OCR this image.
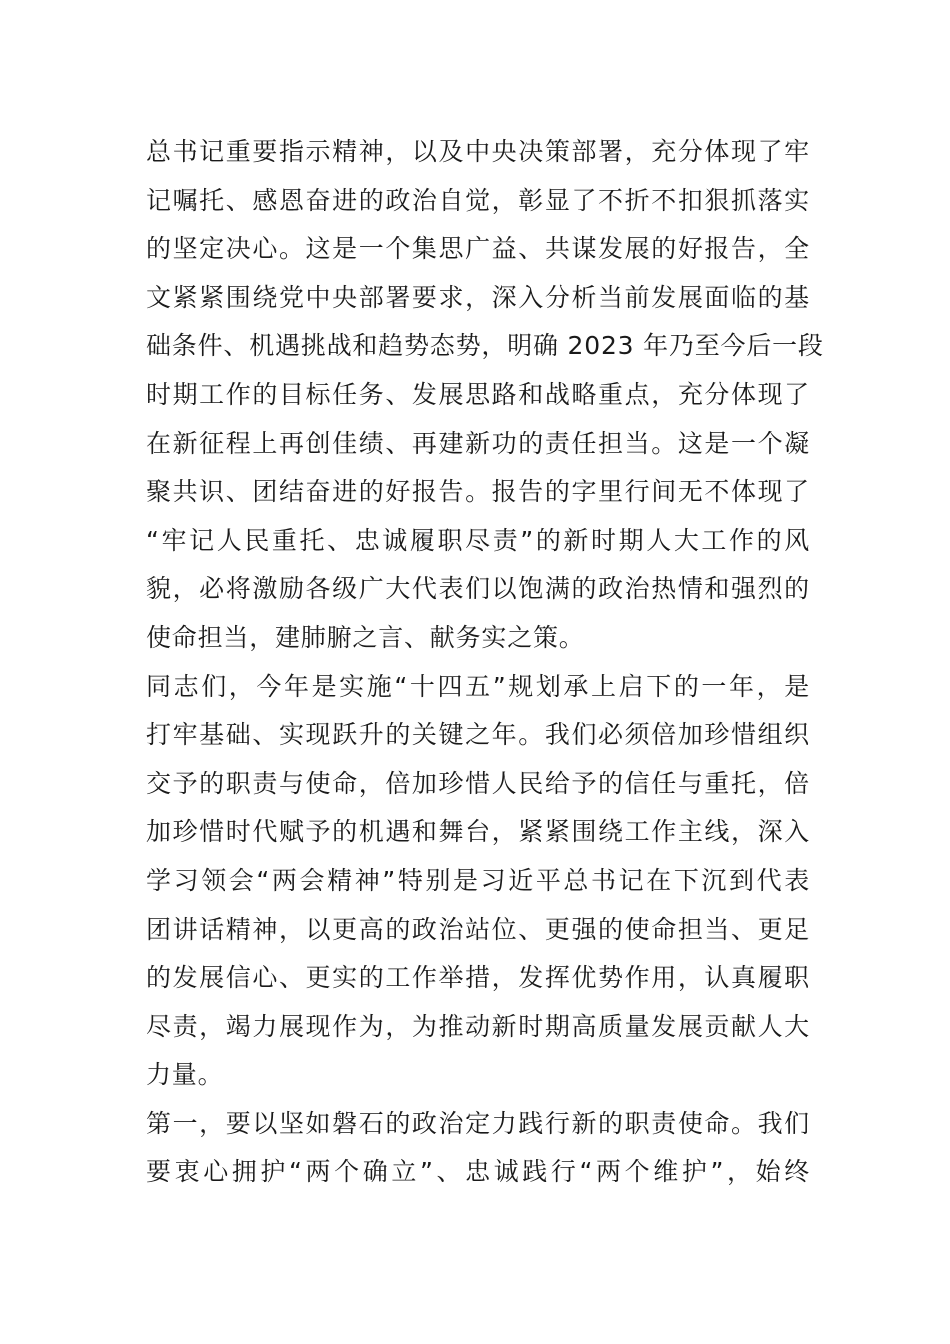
总书记重要指示精神，以及中央决策部署，充分体现了牢
记嘱托、感恩奋进的政治自觉，彰显了不折不扣狠抓落实
的坚定决心。这是一个集思广益、共谋发展的好报告，全
文紧紧围绕党中央部署要求，深入分析当前发展面临的基
础条件、机遇挑战和趋势态势，明确 2023 年乃至今后一段
时期工作的目标任务、发展思路和战略重点，充分体现了
在新征程上再创佳绩、再建新功的责任担当。这是一个凝
聚共识、团结奋进的好报告。报告的字里行间无不体现了
“牢记人民重托、忠诚履职尽责”的新时期人大工作的风
貌，必将激励各级广大代表们以饱满的政治热情和强烈的
使命担当，建肺腑之言、献务实之策。
同志们，今年是实施“十四五”规划承上启下的一年，是
打牢基础、实现跃升的关键之年。我们必须倍加珍惜组织
交予的职责与使命，倍加珍惜人民给予的信任与重托，倍
加珍惜时代赋予的机遇和舞台，紧紧围绕工作主线，深入
学习领会“两会精神”特别是习近平总书记在下沉到代表
团讲话精神，以更高的政治站位、更强的使命担当、更足
的发展信心、更实的工作举措，发挥优势作用，认真履职
尽责，竭力展现作为，为推动新时期高质量发展贡献人大
力量。
第一，要以坚如磐石的政治定力践行新的职责使命。我们
要衷心拥护“两个确立”、忠诚践行“两个维护”，始终
